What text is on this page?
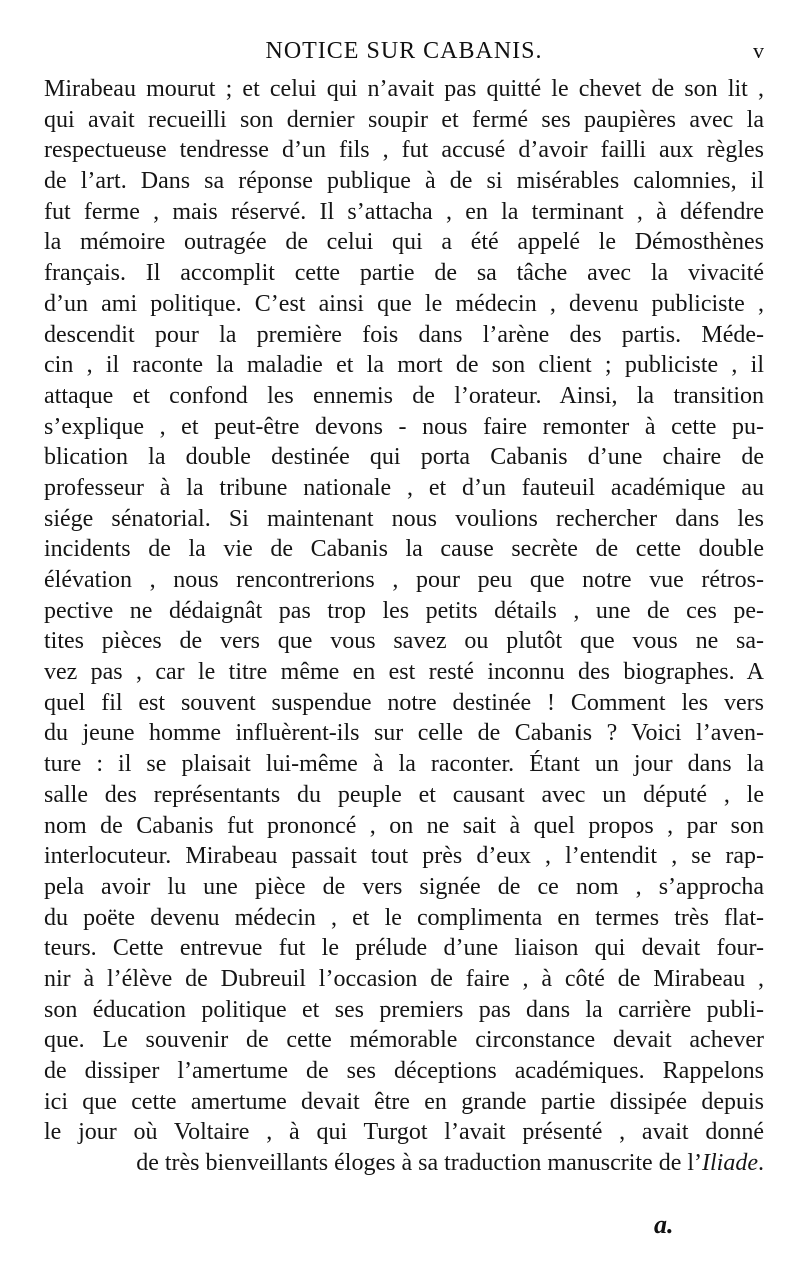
NOTICE SUR CABANIS.	v
Mirabeau mourut ; et celui qui n’avait pas quitté le chevet de son lit ,
qui avait recueilli son dernier soupir et fermé ses paupières avec la
respectueuse tendresse d’un fils , fut accusé d’avoir failli aux règles
de l’art. Dans sa réponse publique à de si misérables calomnies, il
fut ferme , mais réservé. Il s’attacha , en la terminant , à défendre
la mémoire outragée de celui qui a été appelé le Démosthènes
français. Il accomplit cette partie de sa tâche avec la vivacité
d’un ami politique. C’est ainsi que le médecin , devenu publiciste ,
descendit pour la première fois dans l’arène des partis. Méde-
cin , il raconte la maladie et la mort de son client ; publiciste , il
attaque et confond les ennemis de l’orateur. Ainsi, la transition
s’explique , et peut-être devons - nous faire remonter à cette pu-
blication la double destinée qui porta Cabanis d’une chaire de
professeur à la tribune nationale , et d’un fauteuil académique au
siége sénatorial. Si maintenant nous voulions rechercher dans les
incidents de la vie de Cabanis la cause secrète de cette double
élévation , nous rencontrerions , pour peu que notre vue rétros-
pective ne dédaignât pas trop les petits détails , une de ces pe-
tites pièces de vers que vous savez ou plutôt que vous ne sa-
vez pas , car le titre même en est resté inconnu des biographes. A
quel fil est souvent suspendue notre destinée ! Comment les vers
du jeune homme influèrent-ils sur celle de Cabanis ? Voici l’aven-
ture : il se plaisait lui-même à la raconter. Étant un jour dans la
salle des représentants du peuple et causant avec un député , le
nom de Cabanis fut prononcé , on ne sait à quel propos , par son
interlocuteur. Mirabeau passait tout près d’eux , l’entendit , se rap-
pela avoir lu une pièce de vers signée de ce nom , s’approcha
du poëte devenu médecin , et le complimenta en termes très flat-
teurs. Cette entrevue fut le prélude d’une liaison qui devait four-
nir à l’élève de Dubreuil l’occasion de faire , à côté de Mirabeau ,
son éducation politique et ses premiers pas dans la carrière publi-
que. Le souvenir de cette mémorable circonstance devait achever
de dissiper l’amertume de ses déceptions académiques. Rappelons
ici que cette amertume devait être en grande partie dissipée depuis
le jour où Voltaire , à qui Turgot l’avait présenté , avait donné
de très bienveillants éloges à sa traduction manuscrite de l’Iliade.
a.
